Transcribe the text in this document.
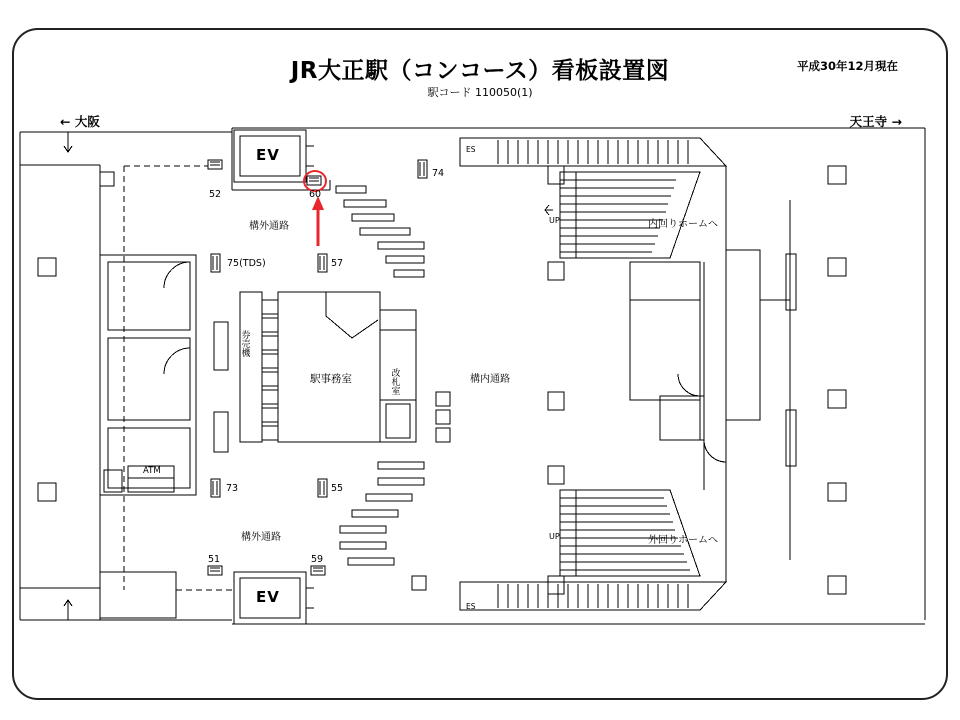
JR大正駅（コンコース）看板設置図
駅コード 110050(1)
平成30年12月現在
← 大阪	天王寺 →
EV
EV
ES
ES
UP
UP
内回りホームへ
外回りホームへ
構外通路
構外通路
構内通路
駅事務室	改札室
券売機
ATM
52	60
74
75(TDS)	57
73	55
51	59
